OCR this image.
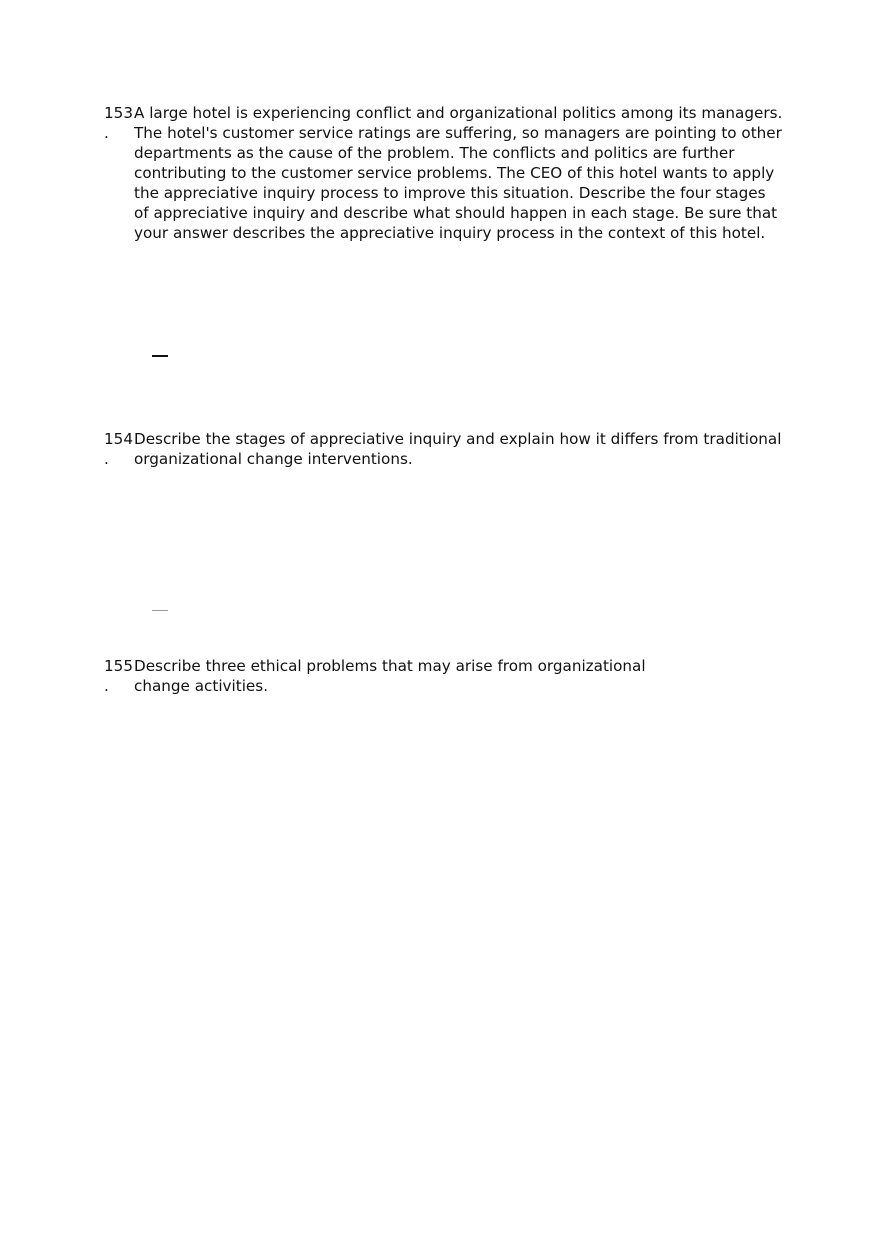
153
.
A large hotel is experiencing conflict and organizational politics among its managers. The hotel's customer service ratings are suffering, so managers are pointing to other departments as the cause of the problem. The conflicts and politics are further contributing to the customer service problems. The CEO of this hotel wants to apply the appreciative inquiry process to improve this situation. Describe the four stages of appreciative inquiry and describe what should happen in each stage. Be sure that your answer describes the appreciative inquiry process in the context of this hotel.
154
.
Describe the stages of appreciative inquiry and explain how it differs from traditional organizational change interventions.
155
.
Describe three ethical problems that may arise from organizational change activities.
